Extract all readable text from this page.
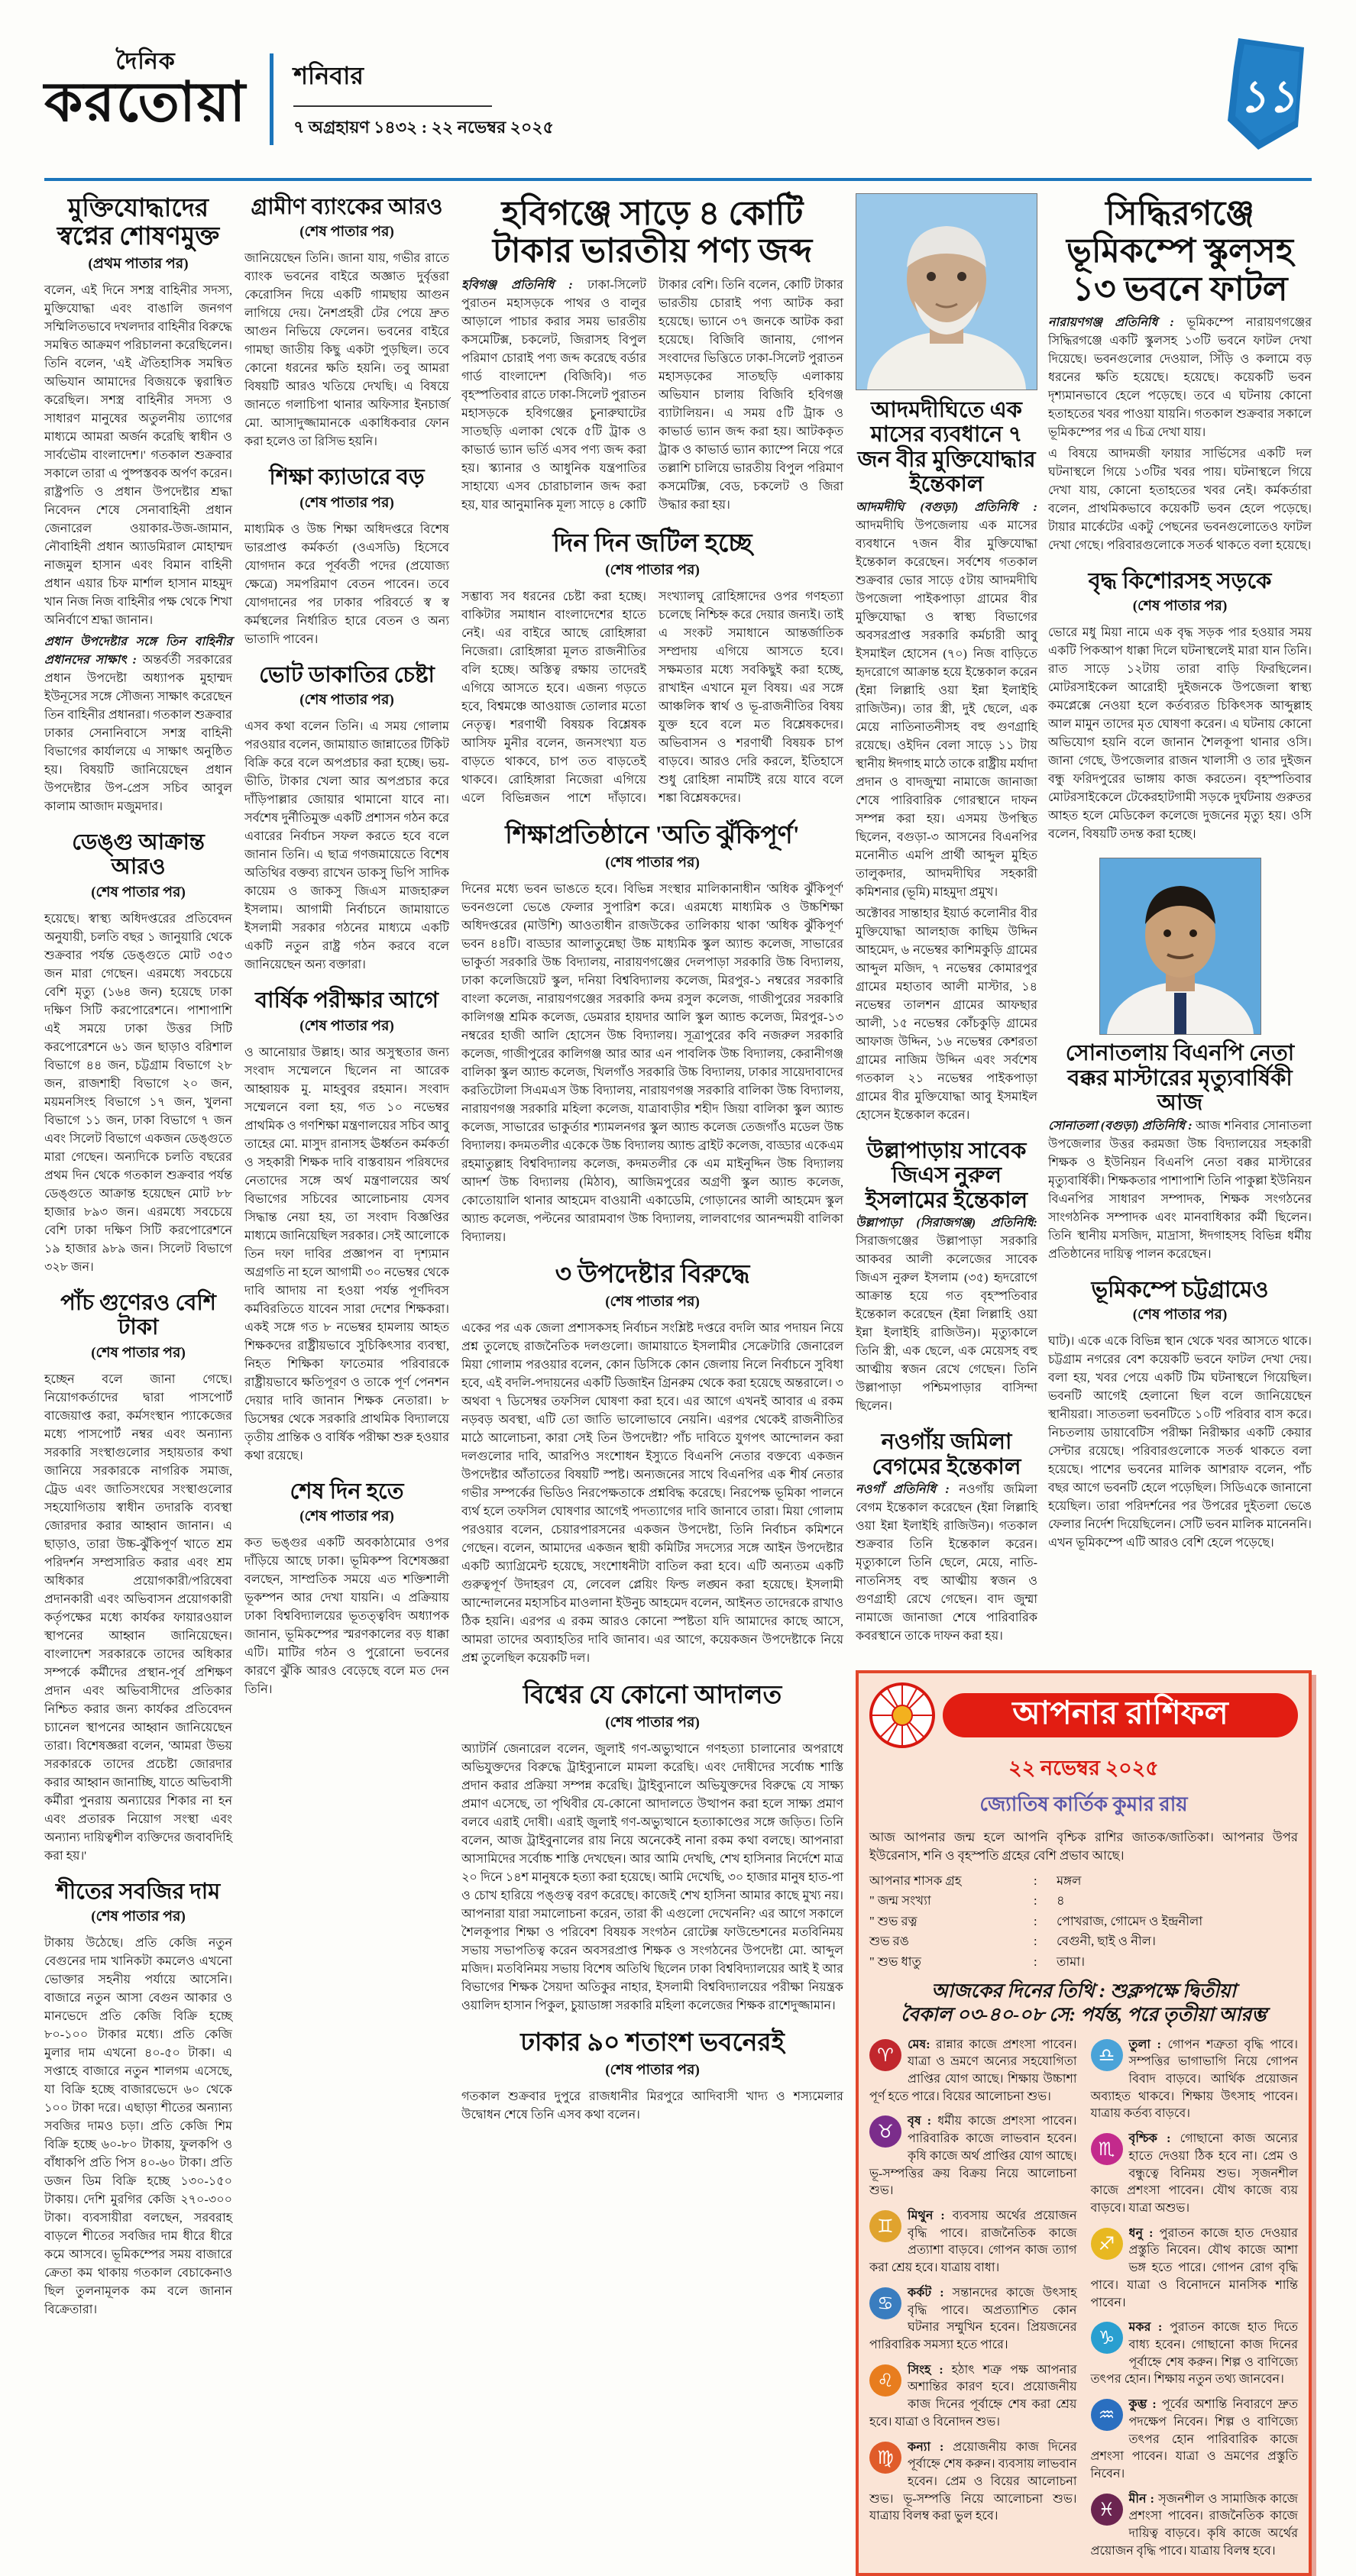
দৈনিক
করতোয়া শনিবার
৭ অগ্রহায়ণ ১৪৩২ : ২২ নভেম্বর ২০২৫
১১
মুক্তিযোদ্ধাদের স্বপ্নের শোষণমুক্ত
(প্রথম পাতার পর)

বলেন, এই দিনে সশস্ত্র বাহিনীর সদস্য, মুক্তিযোদ্ধা এবং বাঙালি জনগণ সম্মিলিতভাবে দখলদার বাহিনীর বিরুদ্ধে সমন্বিত আক্রমণ পরিচালনা করেছিলেন। তিনি বলেন, 'এই ঐতিহাসিক সমন্বিত অভিযান আমাদের বিজয়কে ত্বরান্বিত করেছিল। সশস্ত্র বাহিনীর সদস্য ও সাধারণ মানুষের অতুলনীয় ত্যাগের মাধ্যমে আমরা অর্জন করেছি স্বাধীন ও সার্বভৌম বাংলাদেশ।' গতকাল শুক্রবার সকালে তারা এ পুষ্পস্তবক অর্পণ করেন। রাষ্ট্রপতি ও প্রধান উপদেষ্টার শ্রদ্ধা নিবেদন শেষে সেনাবাহিনী প্রধান জেনারেল ওয়াকার-উজ-জামান, নৌবাহিনী প্রধান অ্যাডমিরাল মোহাম্মদ নাজমুল হাসান এবং বিমান বাহিনী প্রধান এয়ার চিফ মার্শাল হাসান মাহমুদ খান নিজ নিজ বাহিনীর পক্ষ থেকে শিখা অনির্বাণে শ্রদ্ধা জানান।

প্রধান উপদেষ্টার সঙ্গে তিন বাহিনীর প্রধানদের সাক্ষাৎ : অন্তর্বর্তী সরকারের প্রধান উপদেষ্টা অধ্যাপক মুহাম্মদ ইউনূসের সঙ্গে সৌজন্য সাক্ষাৎ করেছেন তিন বাহিনীর প্রধানরা। গতকাল শুক্রবার ঢাকার সেনানিবাসে সশস্ত্র বাহিনী বিভাগের কার্যালয়ে এ সাক্ষাৎ অনুষ্ঠিত হয়। বিষয়টি জানিয়েছেন প্রধান উপদেষ্টার উপ-প্রেস সচিব আবুল কালাম আজাদ মজুমদার।

ডেঙ্গু আক্রান্ত আরও
(শেষ পাতার পর)
হয়েছে। স্বাস্থ্য অধিদপ্তরের প্রতিবেদন অনুযায়ী, চলতি বছর ১ জানুয়ারি থেকে শুক্রবার পর্যন্ত ডেঙ্গুতে মোট ৩৫৩ জন মারা গেছেন। এরমধ্যে সবচেয়ে বেশি মৃত্যু (১৬৪ জন) হয়েছে ঢাকা দক্ষিণ সিটি করপোরেশনে। পাশাপাশি এই সময়ে ঢাকা উত্তর সিটি করপোরেশনে ৬১ জন ছাড়াও বরিশাল বিভাগে ৪৪ জন, চট্টগ্রাম বিভাগে ২৮ জন, রাজশাহী বিভাগে ২০ জন, ময়মনসিংহ বিভাগে ১৭ জন, খুলনা বিভাগে ১১ জন, ঢাকা বিভাগে ৭ জন এবং সিলেট বিভাগে একজন ডেঙ্গুতে মারা গেছেন। অন্যদিকে চলতি বছরের প্রথম দিন থেকে গতকাল শুক্রবার পর্যন্ত ডেঙ্গুতে আক্রান্ত হয়েছেন মোট ৮৮ হাজার ৮৯৩ জন। এরমধ্যে সবচেয়ে বেশি ঢাকা দক্ষিণ সিটি করপোরেশনে ১৯ হাজার ৯৮৯ জন। সিলেট বিভাগে ৩২৮ জন।
পাঁচ গুণেরও বেশি টাকা
(শেষ পাতার পর)
হচ্ছেন বলে জানা গেছে। নিয়োগকর্তাদের দ্বারা পাসপোর্ট বাজেয়াপ্ত করা, কর্মসংস্থান প্যাকেজের মধ্যে পাসপোর্ট নম্বর এবং অন্যান্য সরকারি সংস্থাগুলোর সহায়তার কথা জানিয়ে সরকারকে নাগরিক সমাজ, ট্রেড এবং জাতিসংঘের সংস্থাগুলোর সহযোগিতায় স্বাধীন তদারকি ব্যবস্থা জোরদার করার আহ্বান জানান। এ ছাড়াও, তারা উচ্চ-ঝুঁকিপূর্ণ খাতে শ্রম পরিদর্শন সম্প্রসারিত করার এবং শ্রম অধিকার প্রয়োগকারী/পরিষেবা প্রদানকারী এবং অভিবাসন প্রয়োগকারী কর্তৃপক্ষের মধ্যে কার্যকর ফায়ারওয়াল স্থাপনের আহ্বান জানিয়েছেন। বাংলাদেশ সরকারকে তাদের অধিকার সম্পর্কে কর্মীদের প্রস্থান-পূর্ব প্রশিক্ষণ প্রদান এবং অভিবাসীদের প্রতিকার নিশ্চিত করার জন্য কার্যকর প্রতিবেদন চ্যানেল স্থাপনের আহ্বান জানিয়েছেন তারা। বিশেষজ্ঞরা বলেন, 'আমরা উভয় সরকারকে তাদের প্রচেষ্টা জোরদার করার আহ্বান জানাচ্ছি, যাতে অভিবাসী কর্মীরা পুনরায় অন্যায়ের শিকার না হন এবং প্রতারক নিয়োগ সংস্থা এবং অন্যান্য দায়িত্বশীল ব্যক্তিদের জবাবদিহি করা হয়।'
শীতের সবজির দাম
(শেষ পাতার পর)
টাকায় উঠেছে। প্রতি কেজি নতুন বেগুনের দাম খানিকটা কমলেও এখনো ভোক্তার সহনীয় পর্যায়ে আসেনি। বাজারে নতুন আসা বেগুন আকার ও মানভেদে প্রতি কেজি বিক্রি হচ্ছে ৮০-১০০ টাকার মধ্যে। প্রতি কেজি মুলার দাম এখনো ৪০-৫০ টাকা। এ সপ্তাহে বাজারে নতুন শালগম এসেছে, যা বিক্রি হচ্ছে বাজারভেদে ৬০ থেকে ১০০ টাকা দরে। এছাড়া শীতের অন্যান্য সবজির দামও চড়া। প্রতি কেজি শিম বিক্রি হচ্ছে ৬০-৮০ টাকায়, ফুলকপি ও বাঁধাকপি প্রতি পিস ৪০-৬০ টাকা। প্রতি ডজন ডিম বিক্রি হচ্ছে ১৩০-১৫০ টাকায়। দেশি মুরগির কেজি ২৭০-৩০০ টাকা। ব্যবসায়ীরা বলছেন, সরবরাহ বাড়লে শীতের সবজির দাম ধীরে ধীরে কমে আসবে। ভূমিকম্পের সময় বাজারে ক্রেতা কম থাকায় গতকাল বেচাকেনাও ছিল তুলনামূলক কম বলে জানান বিক্রেতারা।
গ্রামীণ ব্যাংকের আরও
(শেষ পাতার পর)
জানিয়েছেন তিনি। জানা যায়, গভীর রাতে ব্যাংক ভবনের বাইরে অজ্ঞাত দুর্বৃত্তরা কেরোসিন দিয়ে একটি গামছায় আগুন লাগিয়ে দেয়। নৈশপ্রহরী টের পেয়ে দ্রুত আগুন নিভিয়ে ফেলেন। ভবনের বাইরে গামছা জাতীয় কিছু একটা পুড়ছিল। তবে কোনো ধরনের ক্ষতি হয়নি। তবু আমরা বিষয়টি আরও খতিয়ে দেখছি। এ বিষয়ে জানতে গলাচিপা থানার অফিসার ইনচার্জ মো. আসাদুজ্জামানকে একাধিকবার ফোন করা হলেও তা রিসিভ হয়নি।
শিক্ষা ক্যাডারে বড়
(শেষ পাতার পর)
মাধ্যমিক ও উচ্চ শিক্ষা অধিদপ্তরে বিশেষ ভারপ্রাপ্ত কর্মকর্তা (ওএসডি) হিসেবে যোগদান করে পূর্ববর্তী পদের (প্রযোজ্য ক্ষেত্রে) সমপরিমাণ বেতন পাবেন। তবে যোগদানের পর ঢাকার পরিবর্তে স্ব স্ব কর্মস্থলের নির্ধারিত হারে বেতন ও অন্য ভাতাদি পাবেন।
ভোট ডাকাতির চেষ্টা
(শেষ পাতার পর)
এসব কথা বলেন তিনি। এ সময় গোলাম পরওয়ার বলেন, জামায়াত জান্নাতের টিকিট বিক্রি করে বলে অপপ্রচার করা হচ্ছে। ভয়-ভীতি, টাকার খেলা আর অপপ্রচার করে দাঁড়িপাল্লার জোয়ার থামানো যাবে না। সর্বশেষ দুর্নীতিমুক্ত একটি প্রশাসন গঠন করে এবারের নির্বাচন সফল করতে হবে বলে জানান তিনি। এ ছাত্র গণজমায়েতে বিশেষ অতিথির বক্তব্য রাখেন ডাকসু ভিপি সাদিক কায়েম ও জাকসু জিএস মাজহারুল ইসলাম। আগামী নির্বাচনে জামায়াতে ইসলামী সরকার গঠনের মাধ্যমে একটি একটি নতুন রাষ্ট্র গঠন করবে বলে জানিয়েছেন অন্য বক্তারা।
বার্ষিক পরীক্ষার আগে
(শেষ পাতার পর)
ও আনোয়ার উল্লাহ। আর অসুস্থতার জন্য সংবাদ সম্মেলনে ছিলেন না আরেক আহ্বায়ক মু. মাহবুবর রহমান। সংবাদ সম্মেলনে বলা হয়, গত ১০ নভেম্বর প্রাথমিক ও গণশিক্ষা মন্ত্রণালয়ের সচিব আবু তাহের মো. মাসুদ রানাসহ ঊর্ধ্বতন কর্মকর্তা ও সহকারী শিক্ষক দাবি বাস্তবায়ন পরিষদের নেতাদের সঙ্গে অর্থ মন্ত্রণালয়ের অর্থ বিভাগের সচিবের আলোচনায় যেসব সিদ্ধান্ত নেয়া হয়, তা সংবাদ বিজ্ঞপ্তির মাধ্যমে জানিয়েছিল সরকার। সেই আলোকে তিন দফা দাবির প্রজ্ঞাপন বা দৃশ্যমান অগ্রগতি না হলে আগামী ৩০ নভেম্বর থেকে দাবি আদায় না হওয়া পর্যন্ত পূর্ণদিবস কর্মবিরতিতে যাবেন সারা দেশের শিক্ষকরা। একই সঙ্গে গত ৮ নভেম্বর হামলায় আহত শিক্ষকদের রাষ্ট্রীয়ভাবে সুচিকিৎসার ব্যবস্থা, নিহত শিক্ষিকা ফাতেমার পরিবারকে রাষ্ট্রীয়ভাবে ক্ষতিপূরণ ও তাকে পূর্ণ পেনশন দেয়ার দাবি জানান শিক্ষক নেতারা। ৮ ডিসেম্বর থেকে সরকারি প্রাথমিক বিদ্যালয়ে তৃতীয় প্রান্তিক ও বার্ষিক পরীক্ষা শুরু হওয়ার কথা রয়েছে।
শেষ দিন হতে
(শেষ পাতার পর)
কত ভঙ্গুর একটি অবকাঠামোর ওপর দাঁড়িয়ে আছে ঢাকা। ভূমিকম্প বিশেষজ্ঞরা বলছেন, সাম্প্রতিক সময়ে এত শক্তিশালী ভূকম্পন আর দেখা যায়নি। এ প্রক্রিয়ায় ঢাকা বিশ্ববিদ্যালয়ের ভূতত্ত্ববিদ অধ্যাপক জানান, ভূমিকম্পের স্মরণকালের বড় ধাক্কা এটি। মাটির গঠন ও পুরোনো ভবনের কারণে ঝুঁকি আরও বেড়েছে বলে মত দেন তিনি।
হবিগঞ্জে সাড়ে ৪ কোটি টাকার ভারতীয় পণ্য জব্দ

হবিগঞ্জ প্রতিনিধি : ঢাকা-সিলেট পুরাতন মহাসড়কে পাথর ও বালুর আড়ালে পাচার করার সময় ভারতীয় কসমেটিক্স, চকলেট, জিরাসহ বিপুল পরিমাণ চোরাই পণ্য জব্দ করেছে বর্ডার গার্ড বাংলাদেশ (বিজিবি)। গত বৃহস্পতিবার রাতে ঢাকা-সিলেট পুরাতন মহাসড়কে হবিগঞ্জের চুনারুঘাটের সাতছড়ি এলাকা থেকে ৫টি ট্রাক ও কাভার্ড ভ্যান ভর্তি এসব পণ্য জব্দ করা হয়। স্ক্যানার ও আধুনিক যন্ত্রপাতির সাহায্যে এসব চোরাচালান জব্দ করা হয়, যার আনুমানিক মূল্য সাড়ে ৪ কোটি টাকার বেশি। তিনি বলেন, কোটি টাকার ভারতীয় চোরাই পণ্য আটক করা হয়েছে। ভ্যানে ৩৭ জনকে আটক করা হয়েছে। বিজিবি জানায়, গোপন সংবাদের ভিত্তিতে ঢাকা-সিলেট পুরাতন মহাসড়কের সাতছড়ি এলাকায় অভিযান চালায় বিজিবি হবিগঞ্জ ব্যাটালিয়ন। এ সময় ৫টি ট্রাক ও কাভার্ড ভ্যান জব্দ করা হয়। আটককৃত ট্রাক ও কাভার্ড ভ্যান ক্যাম্পে নিয়ে পরে তল্লাশি চালিয়ে ভারতীয় বিপুল পরিমাণ কসমেটিক্স, বেড, চকলেট ও জিরা উদ্ধার করা হয়।

দিন দিন জটিল হচ্ছে
(শেষ পাতার পর)
সম্ভাব্য সব ধরনের চেষ্টা করা হচ্ছে। বাকিটার সমাধান বাংলাদেশের হাতে নেই। এর বাইরে আছে রোহিঙ্গারা নিজেরা। রোহিঙ্গারা মূলত রাজনীতির বলি হচ্ছে। অস্তিত্ব রক্ষায় তাদেরই এগিয়ে আসতে হবে। এজন্য গড়তে হবে, বিশ্বমঞ্চে আওয়াজ তোলার মতো নেতৃত্ব। শরণার্থী বিষয়ক বিশ্লেষক আসিফ মুনীর বলেন, জনসংখ্যা যত বাড়তে থাকবে, চাপ তত বাড়তেই থাকবে। রোহিঙ্গারা নিজেরা এগিয়ে এলে বিভিন্নজন পাশে দাঁড়াবে। সংখ্যালঘু রোহিঙ্গাদের ওপর গণহত্যা চলেছে নিশ্চিহ্ন করে দেয়ার জন্যই। তাই এ সংকট সমাধানে আন্তর্জাতিক সম্প্রদায় এগিয়ে আসতে হবে। সক্ষমতার মধ্যে সবকিছুই করা হচ্ছে, রাখাইন এখানে মূল বিষয়। এর সঙ্গে আঞ্চলিক স্বার্থ ও ভূ-রাজনীতির বিষয় যুক্ত হবে বলে মত বিশ্লেষকদের। অভিবাসন ও শরণার্থী বিষয়ক চাপ বাড়বে। আরও দেরি করলে, ইতিহাসে শুধু রোহিঙ্গা নামটিই রয়ে যাবে বলে শঙ্কা বিশ্লেষকদের।
শিক্ষাপ্রতিষ্ঠানে 'অতি ঝুঁকিপূর্ণ'
(শেষ পাতার পর)
দিনের মধ্যে ভবন ভাঙতে হবে। বিভিন্ন সংস্থার মালিকানাধীন 'অধিক ঝুঁকিপূর্ণ' ভবনগুলো ভেঙে ফেলার সুপারিশ করে। এরমধ্যে মাধ্যমিক ও উচ্চশিক্ষা অধিদপ্তরের (মাউশি) আওতাধীন রাজউকের তালিকায় থাকা 'অধিক ঝুঁকিপূর্ণ' ভবন ৪৪টি। বাড্ডার আলাতুন্নেছা উচ্চ মাধ্যমিক স্কুল অ্যান্ড কলেজ, সাভারের ভাকুর্তা সরকারি উচ্চ বিদ্যালয়, নারায়ণগঞ্জের দেলপাড়া সরকারি উচ্চ বিদ্যালয়, ঢাকা কলেজিয়েট স্কুল, দনিয়া বিশ্ববিদ্যালয় কলেজ, মিরপুর-১ নম্বরের সরকারি বাংলা কলেজ, নারায়ণগঞ্জের সরকারি কদম রসুল কলেজ, গাজীপুরের সরকারি কালিগঞ্জ শ্রমিক কলেজ, ডেমরার হায়দার আলি স্কুল অ্যান্ড কলেজ, মিরপুর-১৩ নম্বরের হাজী আলি হোসেন উচ্চ বিদ্যালয়। সূত্রাপুরের কবি নজরুল সরকারি কলেজ, গাজীপুরের কালিগঞ্জ আর আর এন পাবলিক উচ্চ বিদ্যালয়, কেরানীগঞ্জ বালিকা স্কুল অ্যান্ড কলেজ, খিলগাঁও সরকারি উচ্চ বিদ্যালয়, ঢাকার সায়েদাবাদের করতিটোলা সিএমএস উচ্চ বিদ্যালয়, নারায়ণগঞ্জ সরকারি বালিকা উচ্চ বিদ্যালয়, নারায়ণগঞ্জ সরকারি মহিলা কলেজ, যাত্রাবাড়ীর শহীদ জিয়া বালিকা স্কুল অ্যান্ড কলেজ, সাভারের ভাকুর্তার শ্যামলনগর স্কুল অ্যান্ড কলেজ তেজগাঁও মডেল উচ্চ বিদ্যালয়। কদমতলীর একেকে উচ্চ বিদ্যালয় অ্যান্ড ব্রাইট কলেজ, বাড্ডার একেএম রহমাতুল্লাহ বিশ্ববিদ্যালয় কলেজ, কদমতলীর কে এম মাইনুদ্দিন উচ্চ বিদ্যালয় আদর্শ উচ্চ বিদ্যালয় (মিঠাব), আজিমপুরের অগ্রণী স্কুল অ্যান্ড কলেজ, কোতোয়ালি থানার আহমেদ বাওয়ানী একাডেমি, গোড়ানের আলী আহমেদ স্কুল অ্যান্ড কলেজ, পল্টনের আরামবাগ উচ্চ বিদ্যালয়, লালবাগের আনন্দময়ী বালিকা বিদ্যালয়।
৩ উপদেষ্টার বিরুদ্ধে
(শেষ পাতার পর)
একের পর এক জেলা প্রশাসকসহ নির্বাচন সংশ্লিষ্ট দপ্তরে বদলি আর পদায়ন নিয়ে প্রশ্ন তুলেছে রাজনৈতিক দলগুলো। জামায়াতে ইসলামীর সেক্রেটারি জেনারেল মিয়া গোলাম পরওয়ার বলেন, কোন ডিসিকে কোন জেলায় নিলে নির্বাচনে সুবিধা হবে, এই বদলি-পদায়নের একটি ডিজাইন গ্রিনরুম থেকে করা হয়েছে অন্তরালে। ৩ অথবা ৭ ডিসেম্বর তফসিল ঘোষণা করা হবে। এর আগে এখনই আবার এ রকম নড়বড় অবস্থা, এটি তো জাতি ভালোভাবে নেয়নি। এরপর থেকেই রাজনীতির মাঠে আলোচনা, কারা সেই তিন উপদেষ্টা? পাঁচ দাবিতে যুগপৎ আন্দোলন করা দলগুলোর দাবি, আরপিও সংশোধন ইস্যুতে বিএনপি নেতার বক্তব্যে একজন উপদেষ্টার আঁতাতের বিষয়টি স্পষ্ট। অন্যজনের সাথে বিএনপির এক শীর্ষ নেতার গভীর সম্পর্কের ভিডিও নিরপেক্ষতাকে প্রশ্নবিদ্ধ করেছে। নিরপেক্ষ ভূমিকা পালনে ব্যর্থ হলে তফসিল ঘোষণার আগেই পদত্যাগের দাবি জানাবে তারা। মিয়া গোলাম পরওয়ার বলেন, চেয়ারপারসনের একজন উপদেষ্টা, তিনি নির্বাচন কমিশনে গেছেন। বলেন, আমাদের একজন স্থায়ী কমিটির সদস্যের সঙ্গে আইন উপদেষ্টার একটি অ্যাগ্রিমেন্ট হয়েছে, সংশোধনীটা বাতিল করা হবে। এটি অন্যতম একটি গুরুত্বপূর্ণ উদাহরণ যে, লেবেল প্লেয়িং ফিল্ড লঙ্ঘন করা হয়েছে। ইসলামী আন্দোলনের মহাসচিব মাওলানা ইউনুচ আহমেদ বলেন, আইনত তাদেরকে রাখাও ঠিক হয়নি। এরপর এ রকম আরও কোনো স্পষ্টতা যদি আমাদের কাছে আসে, আমরা তাদের অব্যাহতির দাবি জানাব। এর আগে, কয়েকজন উপদেষ্টাকে নিয়ে প্রশ্ন তুলেছিল কয়েকটি দল।
বিশ্বের যে কোনো আদালত
(শেষ পাতার পর)
অ্যাটর্নি জেনারেল বলেন, জুলাই গণ-অভ্যুত্থানে গণহত্যা চালানোর অপরাধে অভিযুক্তদের বিরুদ্ধে ট্রাইব্যুনালে মামলা করেছি। এবং দোষীদের সর্বোচ্চ শাস্তি প্রদান করার প্রক্রিয়া সম্পন্ন করেছি। ট্রাইব্যুনালে অভিযুক্তদের বিরুদ্ধে যে সাক্ষ্য প্রমাণ এসেছে, তা পৃথিবীর যে-কোনো আদালতে উত্থাপন করা হলে সাক্ষ্য প্রমাণ বলবে এরাই দোষী। এরাই জুলাই গণ-অভ্যুত্থানে হত্যাকাণ্ডের সঙ্গে জড়িত। তিনি বলেন, আজ ট্রাইবুনালের রায় নিয়ে অনেকেই নানা রকম কথা বলছে। আপনারা আসামিদের সর্বোচ্চ শাস্তি দেখছেন। আর আমি দেখছি, শেখ হাসিনার নির্দেশে মাত্র ২০ দিনে ১৪শ মানুষকে হত্যা করা হয়েছে। আমি দেখেছি, ৩০ হাজার মানুষ হাত-পা ও চোখ হারিয়ে পঙ্গুত্ব বরণ করেছে। কাজেই শেখ হাসিনা আমার কাছে মুখ্য নয়। আপনারা যারা সমালোচনা করেন, তারা কী এগুলো দেখেননি? এর আগে সকালে শৈলকূপার শিক্ষা ও পরিবেশ বিষয়ক সংগঠন রোটেক্স ফাউন্ডেশনের মতবিনিময় সভায় সভাপতিত্ব করেন অবসরপ্রাপ্ত শিক্ষক ও সংগঠনের উপদেষ্টা মো. আব্দুল মজিদ। মতবিনিময় সভায় বিশেষ অতিথি ছিলেন ঢাকা বিশ্ববিদ্যালয়ের আই ই আর বিভাগের শিক্ষক সৈয়দা অতিকুর নাহার, ইসলামী বিশ্ববিদ্যালয়ের পরীক্ষা নিয়ন্ত্রক ওয়ালিদ হাসান পিকুল, চুয়াডাঙ্গা সরকারি মহিলা কলেজের শিক্ষক রাশেদুজ্জামান।
ঢাকার ৯০ শতাংশ ভবনেরই
(শেষ পাতার পর)
গতকাল শুক্রবার দুপুরে রাজধানীর মিরপুরে আদিবাসী খাদ্য ও শস্যমেলার উদ্বোধন শেষে তিনি এসব কথা বলেন।
আদমদীঘিতে এক মাসের ব্যবধানে ৭ জন বীর মুক্তিযোদ্ধার ইন্তেকাল

আদমদীঘি (বগুড়া) প্রতিনিধি : আদমদীঘি উপজেলায় এক মাসের ব্যবধানে ৭জন বীর মুক্তিযোদ্ধা ইন্তেকাল করেছেন। সর্বশেষ গতকাল শুক্রবার ভোর সাড়ে ৫টায় আদমদীঘি উপজেলা পাইকপাড়া গ্রামের বীর মুক্তিযোদ্ধা ও স্বাস্থ্য বিভাগের অবসরপ্রাপ্ত সরকারি কর্মচারী আবু ইসমাইল হোসেন (৭০) নিজ বাড়িতে হৃদরোগে আক্রান্ত হয়ে ইন্তেকাল করেন (ইন্না লিল্লাহি ওয়া ইন্না ইলাইহি রাজিউন)। তার স্ত্রী, দুই ছেলে, এক মেয়ে নাতিনাতনীসহ বহু গুণগ্রাহি রয়েছে। ওইদিন বেলা সাড়ে ১১ টায় স্থানীয় ঈদগাহ মাঠে তাকে রাষ্ট্রীয় মর্যাদা প্রদান ও বাদজুম্মা নামাজে জানাজা শেষে পারিবারিক গোরস্থানে দাফন সম্পন্ন করা হয়। এসময় উপস্থিত ছিলেন, বগুড়া-৩ আসনের বিএনপির মনোনীত এমপি প্রার্থী আব্দুল মুহিত তালুকদার, আদমদীঘির সহকারী কমিশনার (ভূমি) মাহমুদা প্রমুখ।

অক্টোবর সান্তাহার ইয়ার্ড কলোনীর বীর মুক্তিযোদ্ধা আলহাজ কাছিম উদ্দিন আহমেদ, ৬ নভেম্বর কাশিমকুড়ি গ্রামের আব্দুল মজিদ, ৭ নভেম্বর কোমারপুর গ্রামের মহাতাব আলী মাস্টার, ১৪ নভেম্বর তালশন গ্রামের আফছার আলী, ১৫ নভেম্বর কোঁচকুড়ি গ্রামের আফাজ উদ্দিন, ১৬ নভেম্বর কেশরতা গ্রামের নাজিম উদ্দিন এবং সর্বশেষ গতকাল ২১ নভেম্বর পাইকপাড়া গ্রামের বীর মুক্তিযোদ্ধা আবু ইসমাইল হোসেন ইন্তেকাল করেন।

উল্লাপাড়ায় সাবেক জিএস নুরুল ইসলামের ইন্তেকাল

উল্লাপাড়া (সিরাজগঞ্জ) প্রতিনিধি: সিরাজগঞ্জের উল্লাপাড়া সরকারি আকবর আলী কলেজের সাবেক জিএস নুরুল ইসলাম (৩৫) হৃদরোগে আক্রান্ত হয়ে গত বৃহস্পতিবার ইন্তেকাল করেছেন (ইন্না লিল্লাহি ওয়া ইন্না ইলাইহি রাজিউন)। মৃত্যুকালে তিনি স্ত্রী, এক ছেলে, এক মেয়েসহ বহু আত্মীয় স্বজন রেখে গেছেন। তিনি উল্লাপাড়া পশ্চিমপাড়ার বাসিন্দা ছিলেন।

নওগাঁয় জমিলা বেগমের ইন্তেকাল

নওগাঁ প্রতিনিধি : নওগাঁয় জমিলা বেগম ইন্তেকাল করেছেন (ইন্না লিল্লাহি ওয়া ইন্না ইলাইহি রাজিউন)। গতকাল শুক্রবার তিনি ইন্তেকাল করেন। মৃত্যুকালে তিনি ছেলে, মেয়ে, নাতি-নাতনিসহ বহু আত্মীয় স্বজন ও গুণগ্রাহী রেখে গেছেন। বাদ জুম্মা নামাজে জানাজা শেষে পারিবারিক কবরস্থানে তাকে দাফন করা হয়।

সিদ্ধিরগঞ্জে ভূমিকম্পে স্কুলসহ ১৩ ভবনে ফাটল

নারায়ণগঞ্জ প্রতিনিধি : ভূমিকম্পে নারায়ণগঞ্জের সিদ্ধিরগঞ্জে একটি স্কুলসহ ১৩টি ভবনে ফাটল দেখা দিয়েছে। ভবনগুলোর দেওয়াল, সিঁড়ি ও কলামে বড় ধরনের ক্ষতি হয়েছে। হয়েছে। কয়েকটি ভবন দৃশ্যমানভাবে হেলে পড়েছে। তবে এ ঘটনায় কোনো হতাহতের খবর পাওয়া যায়নি। গতকাল শুক্রবার সকালে ভূমিকম্পের পর এ চিত্র দেখা যায়।

এ বিষয়ে আদমজী ফায়ার সার্ভিসের একটি দল ঘটনাস্থলে গিয়ে ১৩টির খবর পায়। ঘটনাস্থলে গিয়ে দেখা যায়, কোনো হতাহতের খবর নেই। কর্মকর্তারা বলেন, প্রাথমিকভাবে কয়েকটি ভবন হেলে পড়েছে। টায়ার মার্কেটের একটু পেছনের ভবনগুলোতেও ফাটল দেখা গেছে। পরিবারগুলোকে সতর্ক থাকতে বলা হয়েছে।

বৃদ্ধ কিশোরসহ সড়কে
(শেষ পাতার পর)
ভোরে মধু মিয়া নামে এক বৃদ্ধ সড়ক পার হওয়ার সময় একটি পিকআপ ধাক্কা দিলে ঘটনাস্থলেই মারা যান তিনি। রাত সাড়ে ১২টায় তারা বাড়ি ফিরছিলেন। মোটরসাইকেল আরোহী দুইজনকে উপজেলা স্বাস্থ্য কমপ্লেক্সে নেওয়া হলে কর্তব্যরত চিকিৎসক আব্দুল্লাহ আল মামুন তাদের মৃত ঘোষণা করেন। এ ঘটনায় কোনো অভিযোগ হয়নি বলে জানান শৈলকূপা থানার ওসি। জানা গেছে, উপজেলার রাজন খালাসী ও তার দুইজন বন্ধু ফরিদপুরের ভাঙ্গায় কাজ করতেন। বৃহস্পতিবার মোটরসাইকেলে টেকেরহাটগামী সড়কে দুর্ঘটনায় গুরুতর আহত হলে মেডিকেল কলেজে দুজনের মৃত্যু হয়। ওসি বলেন, বিষয়টি তদন্ত করা হচ্ছে।
সোনাতলায় বিএনপি নেতা বক্কর মাস্টারের মৃত্যুবার্ষিকী আজ

সোনাতলা (বগুড়া) প্রতিনিধি : আজ শনিবার সোনাতলা উপজেলার উত্তর করমজা উচ্চ বিদ্যালয়ের সহকারী শিক্ষক ও ইউনিয়ন বিএনপি নেতা বক্কর মাস্টারের মৃত্যুবার্ষিকী। শিক্ষকতার পাশাপাশি তিনি পাকুল্লা ইউনিয়ন বিএনপির সাধারণ সম্পাদক, শিক্ষক সংগঠনের সাংগঠনিক সম্পাদক এবং মানবাধিকার কর্মী ছিলেন। তিনি স্থানীয় মসজিদ, মাদ্রাসা, ঈদগাহসহ বিভিন্ন ধর্মীয় প্রতিষ্ঠানের দায়িত্ব পালন করেছেন।

ভূমিকম্পে চট্টগ্রামেও
(শেষ পাতার পর)
ঘাট)। একে একে বিভিন্ন স্থান থেকে খবর আসতে থাকে। চট্টগ্রাম নগরের বেশ কয়েকটি ভবনে ফাটল দেখা দেয়। বলা হয়, খবর পেয়ে একটি টিম ঘটনাস্থলে গিয়েছিল। ভবনটি আগেই হেলানো ছিল বলে জানিয়েছেন স্থানীয়রা। সাততলা ভবনটিতে ১০টি পরিবার বাস করে। নিচতলায় ডায়াবেটিস পরীক্ষা নিরীক্ষার একটি কেয়ার সেন্টার রয়েছে। পরিবারগুলোকে সতর্ক থাকতে বলা হয়েছে। পাশের ভবনের মালিক আশরাফ বলেন, পাঁচ বছর আগে ভবনটি হেলে পড়েছিল। সিডিএকে জানানো হয়েছিল। তারা পরিদর্শনের পর উপরের দুইতলা ভেঙে ফেলার নির্দেশ দিয়েছিলেন। সেটি ভবন মালিক মানেননি। এখন ভূমিকম্পে এটি আরও বেশি হেলে পড়েছে।
আপনার রাশিফল
২২ নভেম্বর ২০২৫
জ্যোতিষ কার্তিক কুমার রায়
আজ আপনার জন্ম হলে আপনি বৃশ্চিক রাশির জাতক/জাতিকা। আপনার উপর ইউরেনাস, শনি ও বৃহস্পতি গ্রহের বেশি প্রভাব আছে।
আপনার শাসক গ্রহ	:	মঙ্গল
" জন্ম সংখ্যা	:	৪
" শুভ রত্ন	:	পোখরাজ, গোমেদ ও ইন্দ্রনীলা
শুভ রঙ	:	বেগুনী, ছাই ও নীল।
" শুভ ধাতু	:	তামা।
আজকের দিনের তিথি : শুক্লপক্ষে দ্বিতীয়া
বৈকাল ০৩-৪০-০৮ সে: পর্যন্ত, পরে তৃতীয়া আরম্ভ
♈	মেষ: রান্নার কাজে প্রশংসা পাবেন। যাত্রা ও ভ্রমণে অন্যের সহযোগিতা প্রাপ্তির যোগ আছে। শিক্ষায় উচ্চাশা পূর্ণ হতে পারে। বিয়ের আলোচনা শুভ।
♉	বৃষ : ধর্মীয় কাজে প্রশংসা পাবেন। পারিবারিক কাজে লাভবান হবেন। কৃষি কাজে অর্থ প্রাপ্তির যোগ আছে। ভূ-সম্পত্তির ক্রয় বিক্রয় নিয়ে আলোচনা শুভ।
♊	মিথুন : ব্যবসায় অর্থের প্রয়োজন বৃদ্ধি পাবে। রাজনৈতিক কাজে প্রত্যাশা বাড়বে। গোপন কাজ ত্যাগ করা শ্রেয় হবে। যাত্রায় বাধা।
♋	কর্কট : সন্তানদের কাজে উৎসাহ বৃদ্ধি পাবে। অপ্রত্যাশিত কোন ঘটনার সম্মুখিন হবেন। প্রিয়জনের পারিবারিক সমস্যা হতে পারে।
♌	সিংহ : হঠাৎ শত্রু পক্ষ আপনার অশান্তির কারণ হবে। প্রয়োজনীয় কাজ দিনের পূর্বাহ্নে শেষ করা শ্রেয় হবে। যাত্রা ও বিনোদন শুভ।
♍	কন্যা : প্রয়োজনীয় কাজ দিনের পূর্বাহ্নে শেষ করুন। ব্যবসায় লাভবান হবেন। প্রেম ও বিয়ের আলোচনা শুভ। ভূ-সম্পত্তি নিয়ে আলোচনা শুভ। যাত্রায় বিলম্ব করা ভুল হবে।
♎	তুলা : গোপন শত্রুতা বৃদ্ধি পাবে। সম্পত্তির ভাগাভাগি নিয়ে গোপন বিবাদ বাড়বে। আর্থিক প্রয়োজন অব্যাহত থাকবে। শিক্ষায় উৎসাহ পাবেন। যাত্রায় কর্তব্য বাড়বে।
♏	বৃশ্চিক : গোছানো কাজ অন্যের হাতে দেওয়া ঠিক হবে না। প্রেম ও বন্ধুত্বে বিনিময় শুভ। সৃজনশীল কাজে প্রশংসা পাবেন। যৌথ কাজে ব্যয় বাড়বে। যাত্রা অশুভ।
♐	ধনু : পুরাতন কাজে হাত দেওয়ার প্রস্তুতি নিবেন। যৌথ কাজে আশা ভঙ্গ হতে পারে। গোপন রোগ বৃদ্ধি পাবে। যাত্রা ও বিনোদনে মানসিক শান্তি পাবেন।
♑	মকর : পুরাতন কাজে হাত দিতে বাধ্য হবেন। গোছানো কাজ দিনের পূর্বাহ্নে শেষ করুন। শিল্প ও বাণিজ্যে তৎপর হোন। শিক্ষায় নতুন তথ্য জানবেন।
♒	কুম্ভ : পূর্বের অশান্তি নিবারণে দ্রুত পদক্ষেপ নিবেন। শিল্প ও বাণিজ্যে তৎপর হোন পারিবারিক কাজে প্রশংসা পাবেন। যাত্রা ও ভ্রমণের প্রস্তুতি নিবেন।
♓	মীন : সৃজনশীল ও সামাজিক কাজে প্রশংসা পাবেন। রাজনৈতিক কাজে দায়িত্ব বাড়বে। কৃষি কাজে অর্থের প্রয়োজন বৃদ্ধি পাবে। যাত্রায় বিলম্ব হবে।
